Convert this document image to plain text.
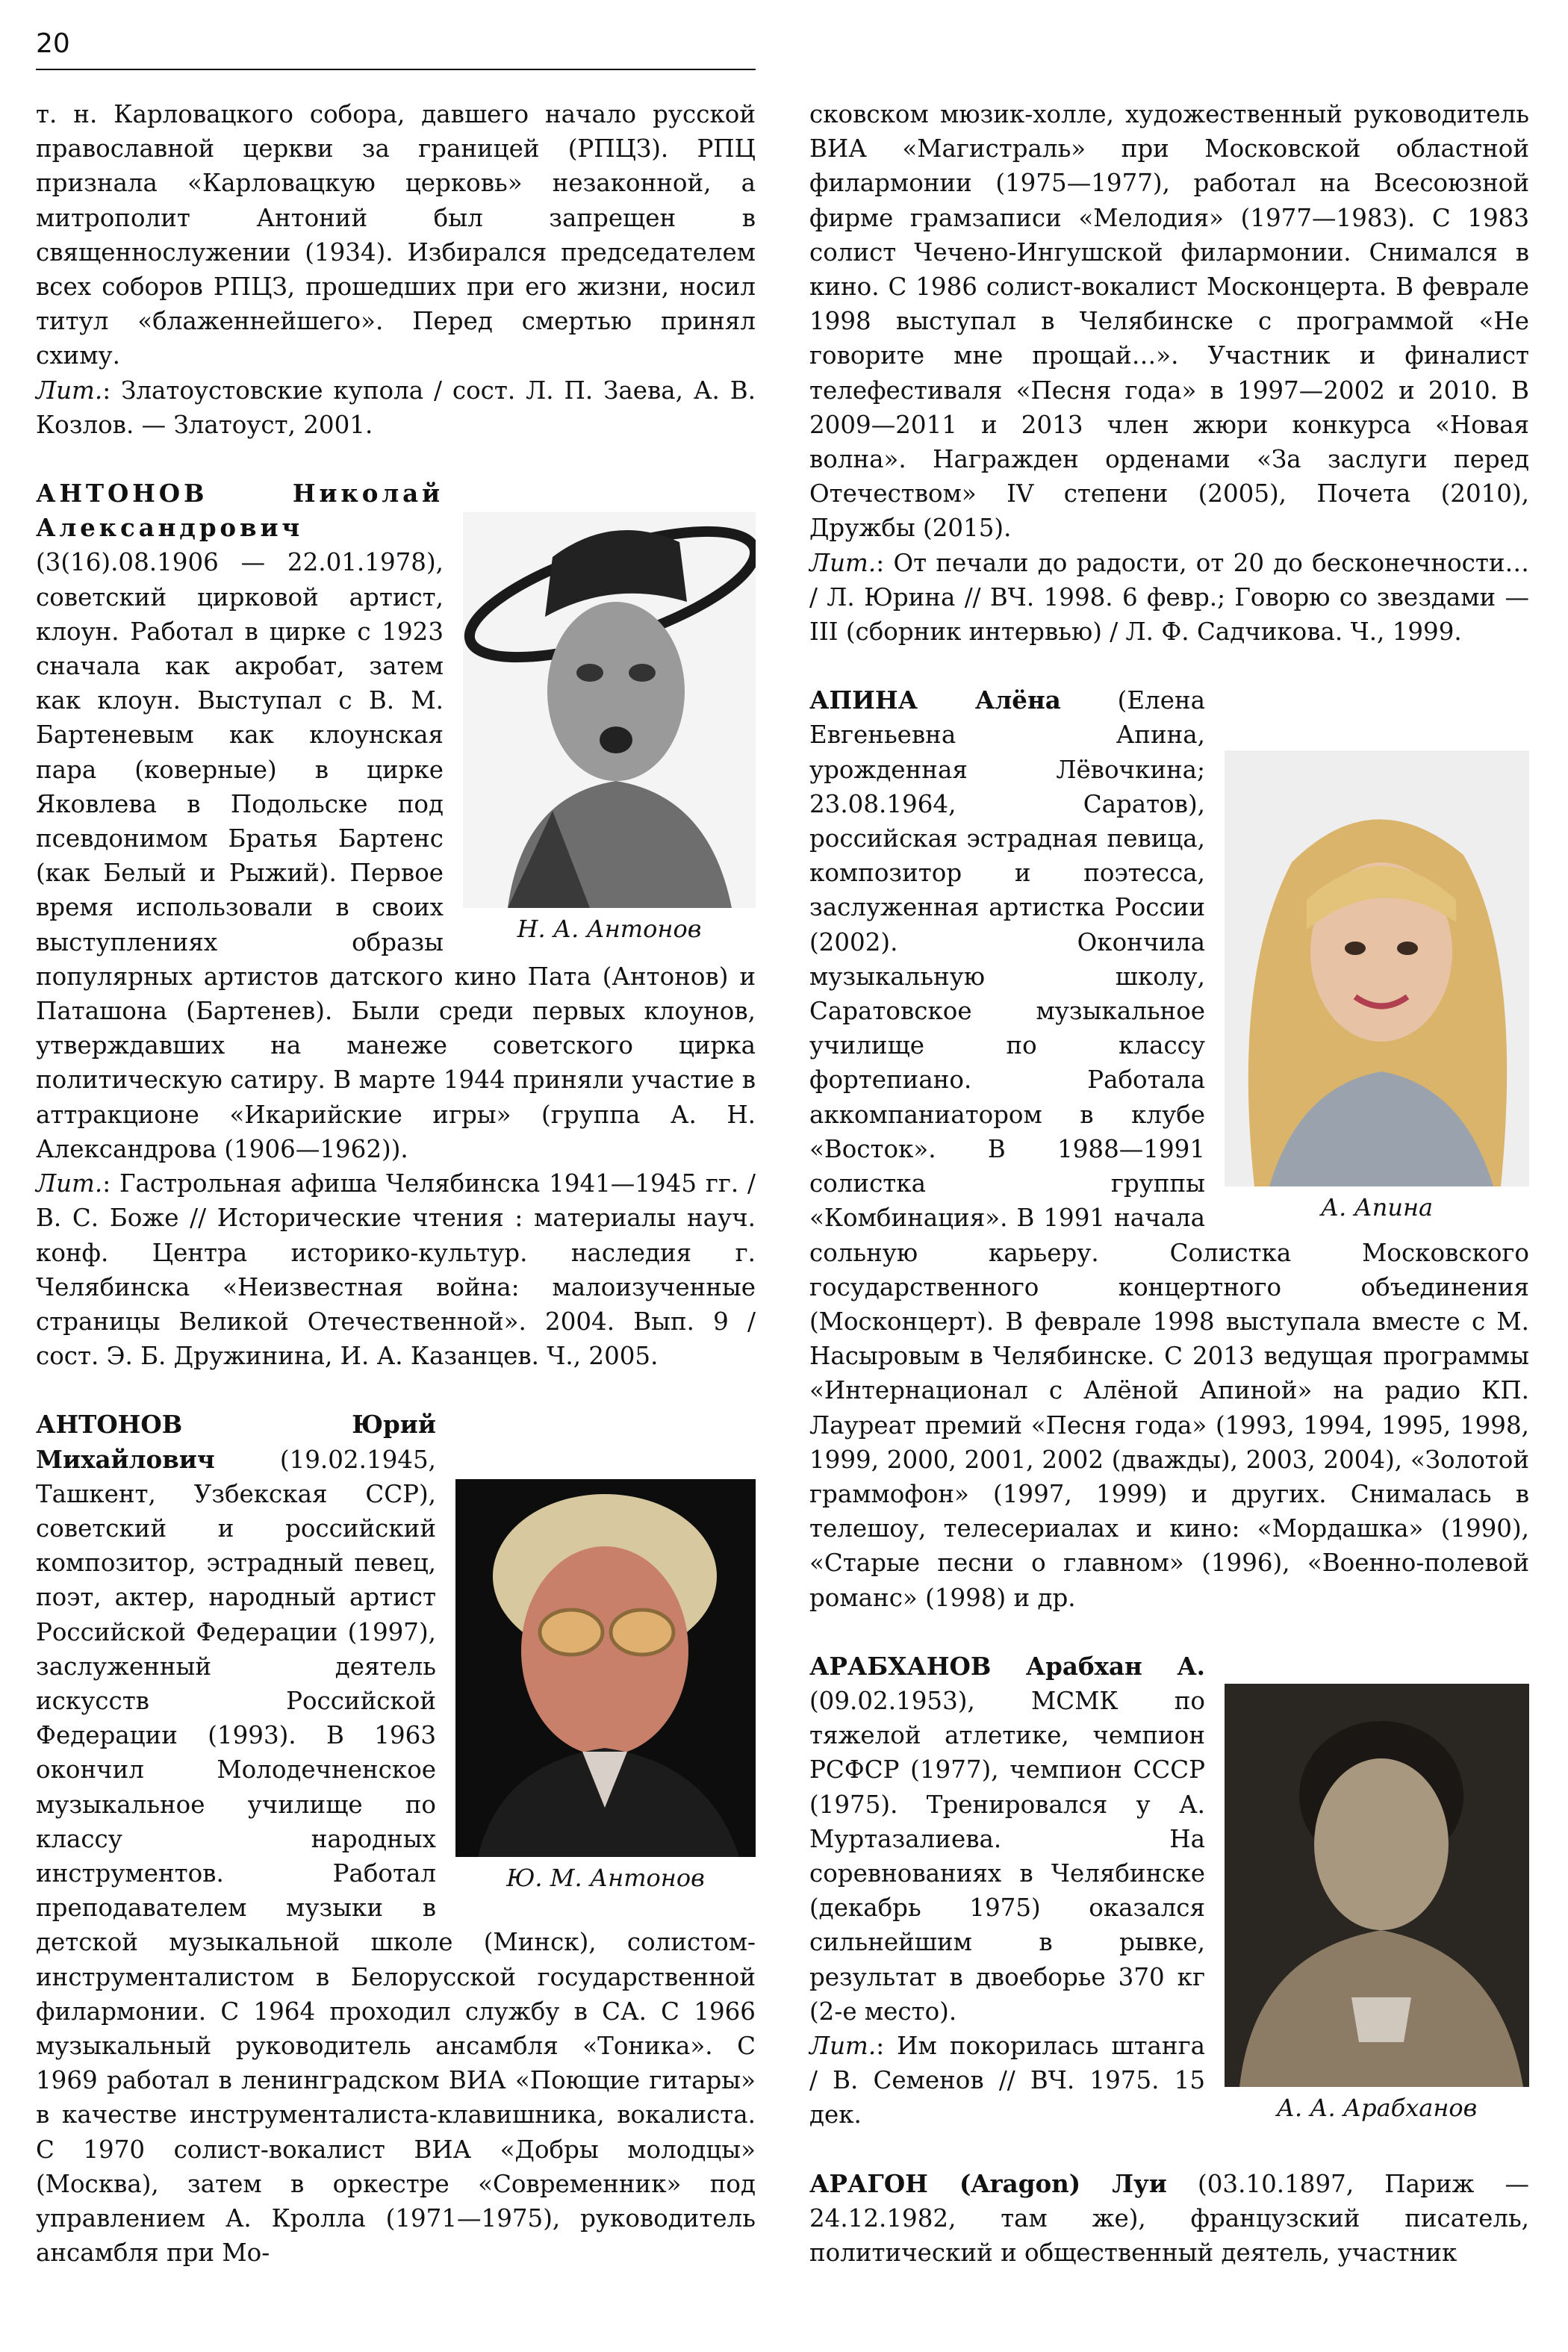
20

т. н. Карловацкого собора, давшего начало русской православной церкви за границей (РПЦЗ). РПЦ признала «Карловацкую церковь» незаконной, а митрополит Антоний был запрещен в священнослужении (1934). Избирался председателем всех соборов РПЦЗ, прошедших при его жизни, носил титул «блаженнейшего». Перед смертью принял схиму.

Лит.: Златоустовские купола / сост. Л. П. Заева, А. В. Козлов. — Златоуст, 2001.

Н. А. Антонов

АНТОНОВ Николай Александрович (3(16).08.1906 — 22.01.1978), советский цирковой артист, клоун. Работал в цирке с 1923 сначала как акробат, затем как клоун. Выступал с В. М. Бартеневым как клоунская пара (коверные) в цирке Яковлева в Подольске под псевдонимом Братья Бартенс (как Белый и Рыжий). Первое время использовали в своих выступлениях образы популярных артистов датского кино Пата (Антонов) и Паташона (Бартенев). Были среди первых клоунов, утверждавших на манеже советского цирка политическую сатиру. В марте 1944 приняли участие в аттракционе «Икарийские игры» (группа А. Н. Александрова (1906—1962)).

Лит.: Гастрольная афиша Челябинска 1941—1945 гг. / В. С. Боже // Исторические чтения : материалы науч. конф. Центра историко-культур. наследия г. Челябинска «Неизвестная война: малоизученные страницы Великой Отечественной». 2004. Вып. 9 / сост. Э. Б. Дружинина, И. А. Казанцев. Ч., 2005.

Ю. М. Антонов

АНТОНОВ Юрий Михайлович (19.02.1945, Ташкент, Узбекская ССР), советский и российский композитор, эстрадный певец, поэт, актер, народный артист Российской Федерации (1997), заслуженный деятель искусств Российской Федерации (1993). В 1963 окончил Молодечненское музыкальное училище по классу народных инструментов. Работал преподавателем музыки в детской музыкальной школе (Минск), солистом-инструменталистом в Белорусской государственной филармонии. С 1964 проходил службу в СА. С 1966 музыкальный руководитель ансамбля «Тоника». С 1969 работал в ленинградском ВИА «Поющие гитары» в качестве инструменталиста-клавишника, вокалиста. С 1970 солист-вокалист ВИА «Добры молодцы» (Москва), затем в оркестре «Современник» под управлением А. Кролла (1971—1975), руководитель ансамбля при Мо-

сковском мюзик-холле, художественный руководитель ВИА «Магистраль» при Московской областной филармонии (1975—1977), работал на Всесоюзной фирме грамзаписи «Мелодия» (1977—1983). С 1983 солист Чечено-Ингушской филармонии. Снимался в кино. С 1986 солист-вокалист Москонцерта. В феврале 1998 выступал в Челябинске с программой «Не говорите мне прощай…». Участник и финалист телефестиваля «Песня года» в 1997—2002 и 2010. В 2009—2011 и 2013 член жюри конкурса «Новая волна». Награжден орденами «За заслуги перед Отечеством» IV степени (2005), Почета (2010), Дружбы (2015).

Лит.: От печали до радости, от 20 до бесконечности… / Л. Юрина // ВЧ. 1998. 6 февр.; Говорю со звездами — III (сборник интервью) / Л. Ф. Садчикова. Ч., 1999.

А. Апина

АПИНА Алёна (Елена Евгеньевна Апина, урожденная Лёвочкина; 23.08.1964, Саратов), российская эстрадная певица, композитор и поэтесса, заслуженная артистка России (2002). Окончила музыкальную школу, Саратовское музыкальное училище по классу фортепиано. Работала аккомпаниатором в клубе «Восток». В 1988—1991 солистка группы «Комбинация». В 1991 начала сольную карьеру. Солистка Московского государственного концертного объединения (Москонцерт). В феврале 1998 выступала вместе с М. Насыровым в Челябинске. С 2013 ведущая программы «Интернационал с Алёной Апиной» на радио КП. Лауреат премий «Песня года» (1993, 1994, 1995, 1998, 1999, 2000, 2001, 2002 (дважды), 2003, 2004), «Золотой граммофон» (1997, 1999) и других. Снималась в телешоу, телесериалах и кино: «Мордашка» (1990), «Старые песни о главном» (1996), «Военно-полевой романс» (1998) и др.

А. А. Арабханов

АРАБХАНОВ Арабхан А. (09.02.1953), МСМК по тяжелой атлетике, чемпион РСФСР (1977), чемпион СССР (1975). Тренировался у А. Муртазалиева. На соревнованиях в Челябинске (декабрь 1975) оказался сильнейшим в рывке, результат в двоеборье 370 кг (2-е место).

Лит.: Им покорилась штанга / В. Семенов // ВЧ. 1975. 15 дек.

АРАГОН (Aragon) Луи (03.10.1897, Париж — 24.12.1982, там же), французский писатель, политический и общественный деятель, участник
